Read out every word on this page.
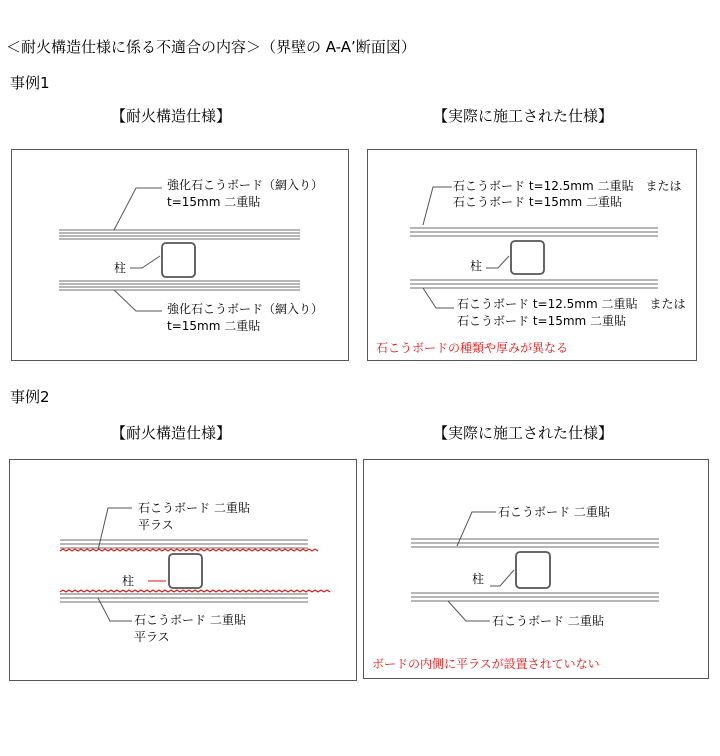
＜耐火構造仕様に係る不適合の内容＞（界壁の A-A’断面図）
事例1
【耐火構造仕様】	【実際に施工された仕様】
強化石こうボード（網入り）
t=15mm 二重貼
柱
強化石こうボード（網入り）
t=15mm 二重貼
石こうボード t=12.5mm 二重貼　または
石こうボード t=15mm 二重貼
柱
石こうボード t=12.5mm 二重貼　または
石こうボード t=15mm 二重貼
石こうボードの種類や厚みが異なる
事例2
【耐火構造仕様】	【実際に施工された仕様】
石こうボード 二重貼
平ラス
柱
石こうボード 二重貼
平ラス
石こうボード 二重貼
柱
石こうボード 二重貼
ボードの内側に平ラスが設置されていない
